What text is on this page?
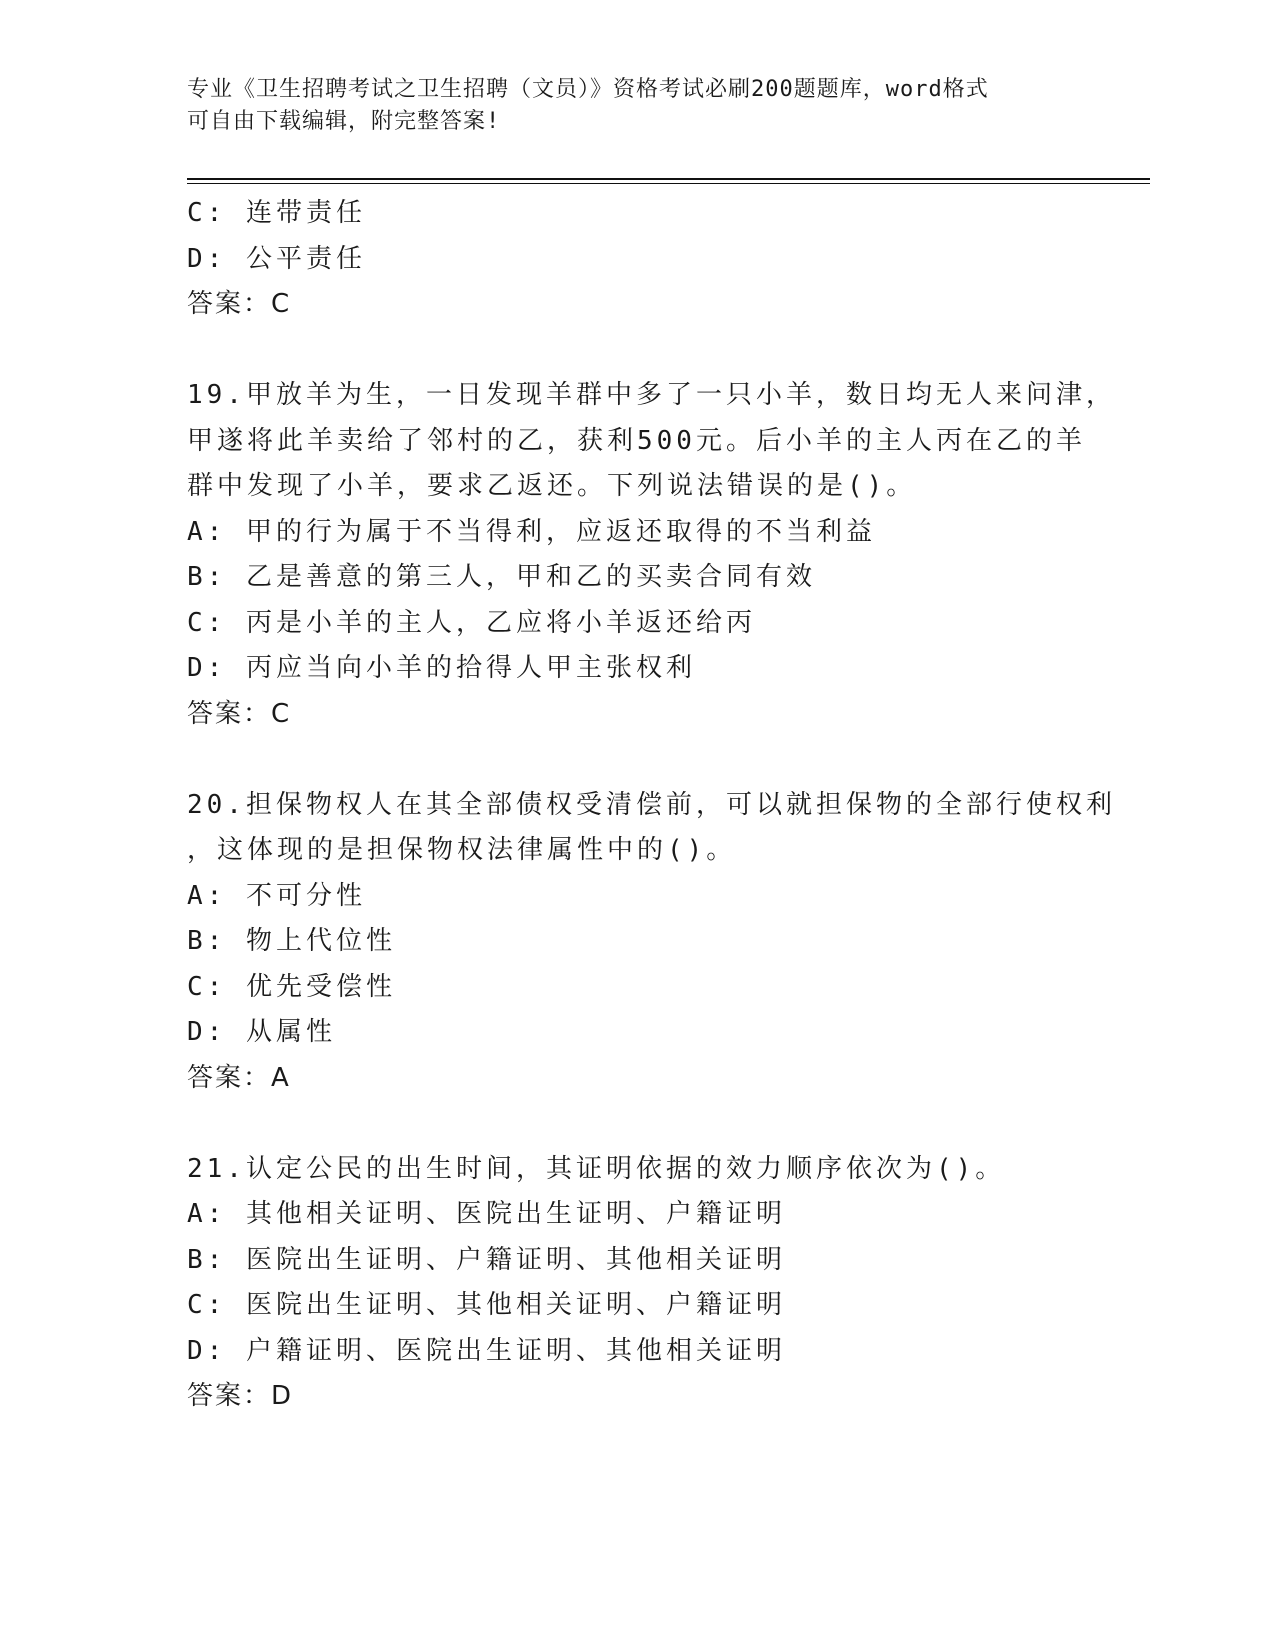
专业《卫生招聘考试之卫生招聘（文员）》资格考试必刷200题题库，word格式
可自由下载编辑，附完整答案!
C: 连带责任
D: 公平责任
答案：C
19.甲放羊为生，一日发现羊群中多了一只小羊，数日均无人来问津，
甲遂将此羊卖给了邻村的乙，获利500元。后小羊的主人丙在乙的羊
群中发现了小羊，要求乙返还。下列说法错误的是()。
A: 甲的行为属于不当得利，应返还取得的不当利益
B: 乙是善意的第三人，甲和乙的买卖合同有效
C: 丙是小羊的主人，乙应将小羊返还给丙
D: 丙应当向小羊的拾得人甲主张权利
答案：C
20.担保物权人在其全部债权受清偿前，可以就担保物的全部行使权利
，这体现的是担保物权法律属性中的()。
A: 不可分性
B: 物上代位性
C: 优先受偿性
D: 从属性
答案：A
21.认定公民的出生时间，其证明依据的效力顺序依次为()。
A: 其他相关证明、医院出生证明、户籍证明
B: 医院出生证明、户籍证明、其他相关证明
C: 医院出生证明、其他相关证明、户籍证明
D: 户籍证明、医院出生证明、其他相关证明
答案：D
